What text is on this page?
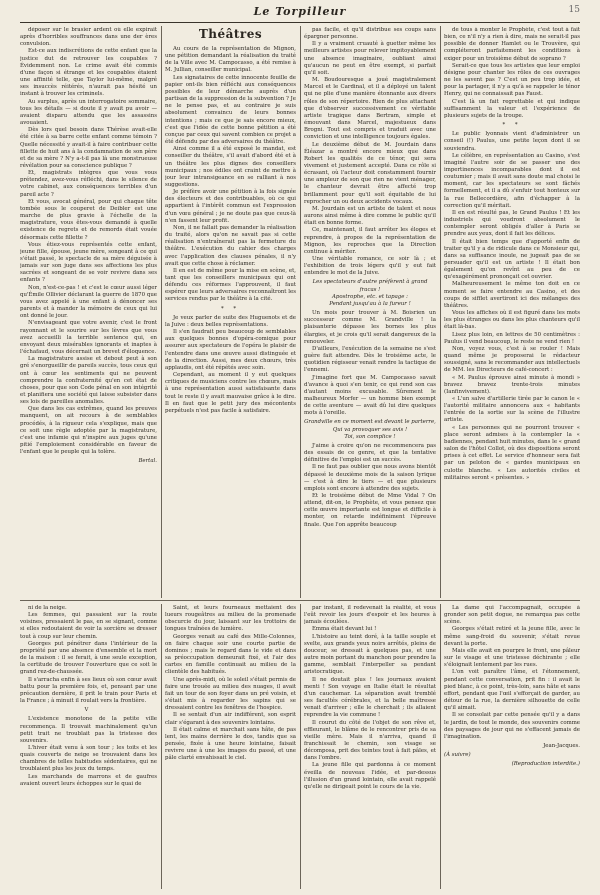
Le Torpilleur	15

déposer sur le brasier ardent où elle expirait après d'horribles souffrances dans une der ères convulsion.

Est-ce aux indiscrétions de cette enfant que la justice dut de retrouver les coupables ? Évidemment non. Le crime avait été commis d'une façon si étrange et les coupables étaient une affinité telle, que Taylor lui-même, malgré ses insuccès réitérés, n'aurait pas hésité un instant à trouver les criminels.

Au surplus, après un interrogatoire sommaire, tous les détails — si doute il y avait pu avoir — avaient disparu attendu que les assassins avouaient.

Dès lors quel besoin dans Thérèse avait-elle été citée à sa barre cette enfant comme témoin ? Quelle nécessité y avait-il à faire contribuer cette fillette de huit ans à la condamnation de son père et de sa mère ? N'y a-t-il pas là une monstrueuse révélation pour sa conscience publique ?

Et, magistrats intègres que vous vous prétendez, avez-vous réfléchi, dans le silence de votre cabinet, aux conséquences terribles d'un pareil acte ?

Et vous, avocat général, pour qui chaque tête tombée sous le couperet de Deibler est une marche de plus gravie à l'échelle de la magistrature, vous êtes-vous demandé à quelle existence de regrets et de remords était vouée désormais cette fillette ?

Vous étiez-vous représentés cette enfant, jeune fille, épouse, jeune mère, songeant à ce qui s'était passé, le spectacle de sa mère déguisée à jamais sur son juge dans ses affections les plus sacrées et songeant de se voir revivre dans ses enfants ?

Non, n'est-ce-pas ! et c'est le cœur aussi léger qu'Émile Ollivier déclarant la guerre de 1870 que vous avez appelé à une enfant à dénoncer ses parents et à mander la mémoire de ceux qui lui ont donné le jour.

N'envisageant que votre avenir, c'est le front rayonnant et le sourire sur les lèvres que vous avez accueilli la terrible sentence qui, en envoyant deux misérables ignorants et inaptes à l'échafaud, vous décernait un brevet d'éloquence.

La magistrature assise et debout peut à son gré s'enorgueillir de pareils succès, tous ceux qui ont à cœur les sentiments qui ne peuvent comprendre la confraternité qu'en cet état de choses, pour que son Code pénal en son intégrité et planifiera une société qui laisse subsister dans ses lois de pareilles anomalies.

Que dans les cas extrêmes, quand les preuves manquent, on ait recours à de semblables procédés, à la rigueur cela s'explique, mais que ce soit une règle adoptée par la magistrature, c'est une infamie qui n'inspire aux juges qu'une pitié l'emploiement considérable en faveur de l'enfant que le peuple qui la tolère.

Bertal.
Théâtres

Au cours de la représentation de Mignon, une pétition demandant la réalisation du traité de la Ville avec M. Campocasso, a été remise à M. Jullian, conseiller municipal.

Les signataires de cette innocente feuille de papier ont-ils bien réfléchi aux conséquences possibles de leur démarche auprès d'un partisan de la suppression de la subvention ? Je ne le pense pas, et au contraire je suis absolument convaincu de leurs bonnes intentions ; mais ce que je sais encore mieux, c'est que l'idée de cette bonne pétition a été conçue par ceux qui savent combien ce projet a été défendu par des adversaires du théâtre.

Ainsi comme il a été exposé le mandat, est conseiller du théâtre, s'il avait d'abord été et à un théâtre les plus dignes des conseillers municipaux ; nos édiles ont craint de mettre à jour leur intransigeance en se ralliant à nos suggestions.

Je préfère avoir une pétition à la fois signée des électeurs et des contribuables, où ce qui appartient à l'intérêt commun est l'expression d'un vœu général ; je ne doute pas que ceux-là n'en fassent leur profit.

Non, il ne fallait pas demander la réalisation du traité, alors qu'on ne savait pas si cette réalisation n'entraînerait pas la fermeture du théâtre. L'exécution du cahier des charges avec l'application des clauses pénales, il n'y avait que cette chose à réclamer.

Il en est de même pour la mise en scène, et, tant que les conseillers municipaux qui ont défendu ces réformes l'approuvent, il faut espérer que leurs adversaires reconnaîtront les services rendus par le théâtre à la cité.

* *

Je veux parler de suite des Huguenots et de la Juive : deux belles représentations.

Il s'en faudrait peu beaucoup de semblables aux quelques bonnes d'opéra-comique pour assurer aux spectateurs de l'opéra le plaisir de l'entendre dans une œuvre aussi distinguée et de la direction. Aussi, mes deux chœurs, très applaudis, ont été répétés avec soin.

Cependant, au moment il y eut quelques critiques de musiciens contre les chœurs, mais à une représentation aussi satisfaisante dans tout le reste il y avait mauvaise grâce à le dire. Il en faut que le petit jury des mécontents perpétuels n'est pas facile à satisfaire.

pas facile, et qu'il distribue ses coups sans épargner personne.

Il y a vraiment cruauté à guetter même les meilleurs artistes pour relever impitoyablement une absence imaginaire, oubliant ainsi qu'aucun ne peut en être exempt, si parfait qu'il soit.

M. Boudouresque a joué magistralement Marcel et le Cardinal, et il a déployé un talent qui ne plie d'une manière étonnante aux divers rôles de son répertoire. Rien de plus attachant que d'observer successivement ce véritable artiste tragique dans Bertram, simple et émouvant dans Marcel, majestueux dans Brogni. Tout est compris et traduit avec une conviction et une intelligence toujours égales.

Le deuxième début de M. Jourdain dans Éléazar a montré encore mieux que dans Robert les qualités de ce ténor, qui sera vivement et justement accepté. Dans ce rôle si écrasant, où l'acteur doit constamment fournir une ampleur de son que rien ne vient ménager, le chanteur devrait être affecté trop brillamment pour qu'il soit équitable de lui reprocher un ou deux accidents vocaux.

M. Jourdain est un artiste de talent et nous aurons ainsi même à dire comme le public qu'il était en bonne forme.

Ce, maintenant, il faut arrêter les éloges et reprendre, à propos de la représentation de Mignon, les reproches que la Direction continue à mériter.

Une véritable romance, ce soir là ; et l'exhibition de trois légers qu'il y eut fait entendre le mot de la Juive.

Les spectateurs d'autre préfèrent à grand fracas !
Apostrophe, etc. et tapage :
Pendant jusqu'au à la fureur !

Un mois pour trouver à M. Boisrien un successeur comme M. Grandville ! la plaisanterie dépasse les bornes les plus élargies, et je crois qu'il serait dangereux de la renouveler.

D'ailleurs, l'exécution de la semaine ne s'est guère fait attendre. Dès le troisième acte, le quotidien régisseur venait rendre la tactique de l'ennemi.

J'imagine fort que M. Campocasso savait d'avance à quoi s'en tenir, ce qui rend son cas d'autant moins excusable. Sûrement le malheureux Morfer — un homme bien exempt de cette aventure — avait dû lui dire quelques mots à l'oreille.

Grandville en ce moment est devant le parterre,
Qui va provoquer ses avis !
Toi, son complice !

J'aime à croire qu'on ne recommencera pas des essais de ce genre, et que la tentative définitive de l'emploi est un succès.

Il ne faut pas oublier que nous avons bientôt dépassé le deuxième mois de la saison lyrique — c'est à dire le tiers — et que plusieurs emplois sont encore à attendre des sujets.

Et le troisième début de Mme Vidal ? On attend, dit-on, le Prophète, et vous pensez que cette œuvre importante est longue et difficile à monter, on retarde indéfiniment l'épreuve finale. Que l'on apprête beaucoup

de tous à monter le Prophète, c'est tout à fait bien, ce n'il n'y a rien à dire, mais ne serait-il pas possible de donner Hamlet ou le Trouvère, qui compléteront parfaitement les conditions à exiger pour un troisième début de soprano ?

Serait-ce que tous les artistes que leur emploi désigne pour chanter les rôles de ces ouvrages ne les savent pas ? C'est un peu trop idée, et pour la partager, il n'y a qu'à se rappeler le ténor Henry, qui ne connaissait pas Faust.

C'est là un fait regrettable et qui indique suffisamment la valeur et l'expérience de plusieurs sujets de la troupe.

* *

Le public lyonnais vient d'administrer un conseil (!) Paulus, une petite leçon dont il se souviendra.

Le célèbre, en représentation au Casino, s'est imaginé l'autre soir de se passer une des impertinences incomparables dont il est coutumier ; mais il avait sans doute mal choisi le moment, car les spectateurs se sont fâchés formellement, et il a dû s'enfuir tout honteux sur la rue Bellecordière, afin d'échapper à la correction qu'il méritait.

Il en est résulté pas, le Grand Paulus ! Et les industriels qui voudront absolument le contempler seront obligés d'aller à Paris se prendre aux yeux, dont il fait les délices.

Il était bien temps que d'apporté enfin de traiter qu'il y a de ridicule dans ce Monsieur qui, dans sa suffisance inouïe, ne jugeait pas de se persuader qu'il est un artiste ! Il était bon également qu'on revînt au peu de ce qu'exagérément prononçait cet ouvrier.

Malheureusement le même ton doit en ce moment se faire entendre au Casino, et des coups de sifflet avertiront ici des mélanges des théâtres.

Vous les affiches où il est figuré dans les mots les plus étranges ou dans les plus chanteurs qu'il était là-bas.

Lisez plus loin, en lettres de 50 centimètres : Paulus il vend beaucoup, le reste ne vend rien !

Non, voyez vous, c'est à se rouler ! Mais quand même je proposerai le rédacteur soussigné, sans le recommander aux intellectuels de MM. les Directeurs de café-concert :

« M. Paulus éprouve ainsi minute à mondi » bravez bravez trente-trois minutes (Ianfinvivement).

« L'un salve d'artillerie tirée par le canon le « l'autorité militaire annoncera aux « habitants l'entrée de la sortie sur la scène de l'illustre artiste.

« Les personnes qui ne pourront trouver « place seront admises à la contempler la « badiennes, pendant huit minutes, dans le « grand salon de l'hôtel Collot, où des dispositions seront prises à cet effet. Le service d'honneur sera fait par un peloton de « gardes municipaux en culotte blanche. « Les autorités civiles et militaires seront « présentes. »

ni de la neige.

Les femmes, qui passaient sur la route voisines, pressaient le pas, en se signant, comme si elles redoutaient de voir la sorcière se dresser tout à coup sur leur chemin.

Georges put pénétrer dans l'intérieur de la propriété par une absence d'ensemble et la mort de la maison : il se ferait, à une seule exception, la certitude de trouver l'ouverture que ce soit le grand rez-de-chaussée.

Il s'arracha enfin à ses lieux où son cœur avait battu pour la première fois, et, pensant par une précaution dernière, il prit le train pour Paris et la France ; à minuit il roulait vers la frontière.

V

L'existence monotone de la petite ville recommença. Il trouvait machinalement qu'un petit trait ne troublait pas la tristesse des souvenirs.

L'hiver était venu à son tour ; les toits et les quais couverts de neige se trouvaient dans les chambres de telles habitudes sédentaires, qui ne troublaient plus les jeux du temps.

Les marchands de marrons et de gaufres avaient ouvert leurs échoppes sur le quai de

Saint, et leurs fourneaux mettaient des lueurs rougeâtres au milieu de la promenade obscurcie du jour, laissant sur les trottoirs de longues traînées de lumière.

Georges venait au café des Mille-Colonnes, on faire chaque soir une courte partie de dominos ; mais le regard dans le vide et dans sa préoccupation demeurait fixé, et l'air des cartes en famille continuait au milieu de la clientèle des habitués.

Une après-midi, où le soleil s'était permis de faire une trouée au milieu des nuages, il avait fait un tour de son foyer dans un pré voisin, et s'était mis à regarder les sapins qui se dressaient contre les fenêtres de l'hospice.

Il se sentait d'un air indifférent, son esprit clair s'égarant à des souvenirs lointains.

Il était calme et marchait sans hâte, de pas lent, les mains derrière le dos, tandis que sa pensée, fixée à une heure lointaine, faisait revivre une à une les images du passé, et une pâle clarté envahissait le ciel.

par instant, il redevenait la réalité, et vous l'eût revoir les jours d'espoir et les heures à jamais écoulées.

Emma était devant lui !

L'histoire au teint doré, à la taille souple et svelte, aux grands yeux noirs arrêtés, pleins de douceur, se dressait à quelques pas, et une autre moin portant du manchon pour prendre la gamme, semblait l'interpeller sa pendant aristocratique.

Il ne doutait plus ! les journaux avaient menti ! Son voyage en Italie était le résultat d'un cauchemar. La séparation avait tremblé ses facultés cérébrales, et la belle maîtresse venait d'arriver ; elle le cherchait ; ils allaient reprendre la vie commune !

Il courut du côté de l'objet de son rêve et, effleurant, le blâme de le rencontrer pris de sa vieille mère. Mais il n'arriva, quand il franchissait le chemin, son visage se décomposa, prit des teintes tout à fait pâles, et dans l'ombre.

La jeune fille qui pardonna à ce moment éveilla de nouveau l'idée, et par-dessus l'illusion d'un grand lointain, elle avait rappelé qu'elle ne dirigeait point le cours de la vie.

La dame qui l'accompagnait, occupée à gronder son petit dogue, ne remarqua pas cette scène.

Georges s'était retiré et la jeune fille, avec le même sang-froid du souvenir, s'était revue devant la porte.

Mais elle avait en pourpre le front, une pâleur sur le visage et une tristesse déchirante ; elle s'éloignait lentement par les rues.

L'on voit paraître l'âme, et l'étonnement, pendant cette conversation, prit fin : il avait le pied blanc, à ce point, très-loin, sans hâte et sans effort, pendant que l'œil s'efforçait de garder, au détour de la rue, la dernière silhouette de celle qu'il aimait.

Il se consolait par cette pensée qu'il y a dans le jardin, de tout le monde, des souvenirs comme des paysages de jour qui ne s'effacent jamais de l'imagination.

Jean-Jacques.
(À suivre)
(Reproduction interdite.)
